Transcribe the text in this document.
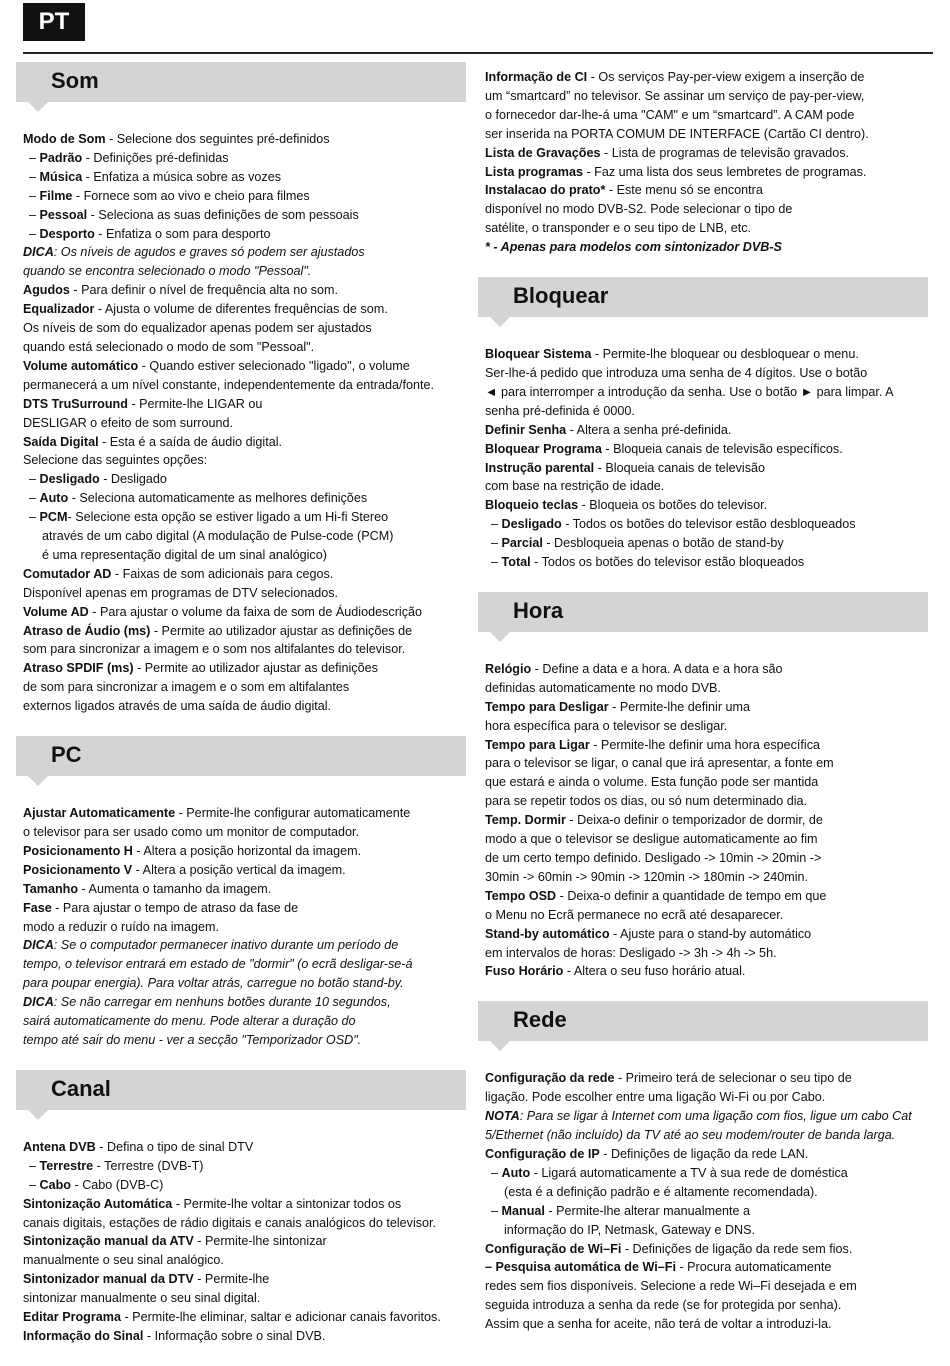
PT
Som
Modo de Som - Selecione dos seguintes pré-definidos
– Padrão - Definições pré-definidas
– Música - Enfatiza a música sobre as vozes
– Filme - Fornece som ao vivo e cheio para filmes
– Pessoal - Seleciona as suas definições de som pessoais
– Desporto - Enfatiza o som para desporto
DICA: Os níveis de agudos e graves só podem ser ajustados
quando se encontra selecionado o modo "Pessoal".
Agudos - Para definir o nível de frequência alta no som.
Equalizador - Ajusta o volume de diferentes frequências de som.
Os níveis de som do equalizador apenas podem ser ajustados
quando está selecionado o modo de som "Pessoal".
Volume automático - Quando estiver selecionado "ligado", o volume
permanecerá a um nível constante, independentemente da entrada/fonte.
DTS TruSurround - Permite-lhe LIGAR ou
DESLIGAR o efeito de som surround.
Saída Digital - Esta é a saída de áudio digital.
Selecione das seguintes opções:
– Desligado - Desligado
– Auto - Seleciona automaticamente as melhores definições
– PCM- Selecione esta opção se estiver ligado a um Hi-fi Stereo
através de um cabo digital (A modulação de Pulse-code (PCM)
é uma representação digital de um sinal analógico)
Comutador AD - Faixas de som adicionais para cegos.
Disponível apenas em programas de DTV selecionados.
Volume AD - Para ajustar o volume da faixa de som de Áudiodescrição
Atraso de Áudio (ms) - Permite ao utilizador ajustar as definições de
som para sincronizar a imagem e o som nos altifalantes do televisor.
Atraso SPDIF (ms) - Permite ao utilizador ajustar as definições
de som para sincronizar a imagem e o som em altifalantes
externos ligados através de uma saída de áudio digital.
PC
Ajustar Automaticamente - Permite-lhe configurar automaticamente
o televisor para ser usado como um monitor de computador.
Posicionamento H - Altera a posição horizontal da imagem.
Posicionamento V - Altera a posição vertical da imagem.
Tamanho - Aumenta o tamanho da imagem.
Fase - Para ajustar o tempo de atraso da fase de
modo a reduzir o ruído na imagem.
DICA: Se o computador permanecer inativo durante um período de
tempo, o televisor entrará em estado de "dormir" (o ecrã desligar-se-á
para poupar energia). Para voltar atrás, carregue no botão stand-by.
DICA: Se não carregar em nenhuns botões durante 10 segundos,
sairá automaticamente do menu. Pode alterar a duração do
tempo até sair do menu - ver a secção "Temporizador OSD".
Canal
Antena DVB - Defina o tipo de sinal DTV
– Terrestre - Terrestre (DVB-T)
– Cabo - Cabo (DVB-C)
Sintonização Automática - Permite-lhe voltar a sintonizar todos os
canais digitais, estações de rádio digitais e canais analógicos do televisor.
Sintonização manual da ATV - Permite-lhe sintonizar
manualmente o seu sinal analógico.
Sintonizador manual da DTV - Permite-lhe
sintonizar manualmente o seu sinal digital.
Editar Programa - Permite-lhe eliminar, saltar e adicionar canais favoritos.
Informação do Sinal - Informação sobre o sinal DVB.
Informação de CI - Os serviços Pay-per-view exigem a inserção de
um “smartcard” no televisor. Se assinar um serviço de pay-per-view,
o fornecedor dar-lhe-á uma "CAM" e um “smartcard”. A CAM pode
ser inserida na PORTA COMUM DE INTERFACE (Cartão CI dentro).
Lista de Gravações - Lista de programas de televisão gravados.
Lista programas - Faz uma lista dos seus lembretes de programas.
Instalacao do prato* - Este menu só se encontra
disponível no modo DVB-S2. Pode selecionar o tipo de
satélite, o transponder e o seu tipo de LNB, etc.
* - Apenas para modelos com sintonizador DVB-S
Bloquear
Bloquear Sistema - Permite-lhe bloquear ou desbloquear o menu.
Ser-lhe-á pedido que introduza uma senha de 4 dígitos. Use o botão
◄ para interromper a introdução da senha. Use o botão ► para limpar. A
senha pré-definida é 0000.
Definir Senha - Altera a senha pré-definida.
Bloquear Programa - Bloqueia canais de televisão específicos.
Instrução parental - Bloqueia canais de televisão
com base na restrição de idade.
Bloqueio teclas - Bloqueia os botões do televisor.
– Desligado - Todos os botões do televisor estão desbloqueados
– Parcial - Desbloqueia apenas o botão de stand-by
– Total - Todos os botões do televisor estão bloqueados
Hora
Relógio - Define a data e a hora. A data e a hora são
definidas automaticamente no modo DVB.
Tempo para Desligar - Permite-lhe definir uma
hora específica para o televisor se desligar.
Tempo para Ligar - Permite-lhe definir uma hora específica
para o televisor se ligar, o canal que irá apresentar, a fonte em
que estará e ainda o volume. Esta função pode ser mantida
para se repetir todos os dias, ou só num determinado dia.
Temp. Dormir - Deixa-o definir o temporizador de dormir, de
modo a que o televisor se desligue automaticamente ao fim
de um certo tempo definido. Desligado -> 10min -> 20min ->
30min -> 60min -> 90min -> 120min -> 180min -> 240min.
Tempo OSD - Deixa-o definir a quantidade de tempo em que
o Menu no Ecrã permanece no ecrã até desaparecer.
Stand-by automático - Ajuste para o stand-by automático
em intervalos de horas: Desligado -> 3h -> 4h -> 5h.
Fuso Horário - Altera o seu fuso horário atual.
Rede
Configuração da rede - Primeiro terá de selecionar o seu tipo de
ligação. Pode escolher entre uma ligação Wi-Fi ou por Cabo.
NOTA: Para se ligar à Internet com uma ligação com fios, ligue um cabo Cat
5/Ethernet (não incluído) da TV até ao seu modem/router de banda larga.
Configuração de IP - Definições de ligação da rede LAN.
– Auto - Ligará automaticamente a TV à sua rede de doméstica
(esta é a definição padrão e é altamente recomendada).
– Manual - Permite-lhe alterar manualmente a
informação do IP, Netmask, Gateway e DNS.
Configuração de Wi–Fi - Definições de ligação da rede sem fios.
– Pesquisa automática de Wi–Fi - Procura automaticamente
redes sem fios disponíveis. Selecione a rede Wi–Fi desejada e em
seguida introduza a senha da rede (se for protegida por senha).
Assim que a senha for aceite, não terá de voltar a introduzi-la.
